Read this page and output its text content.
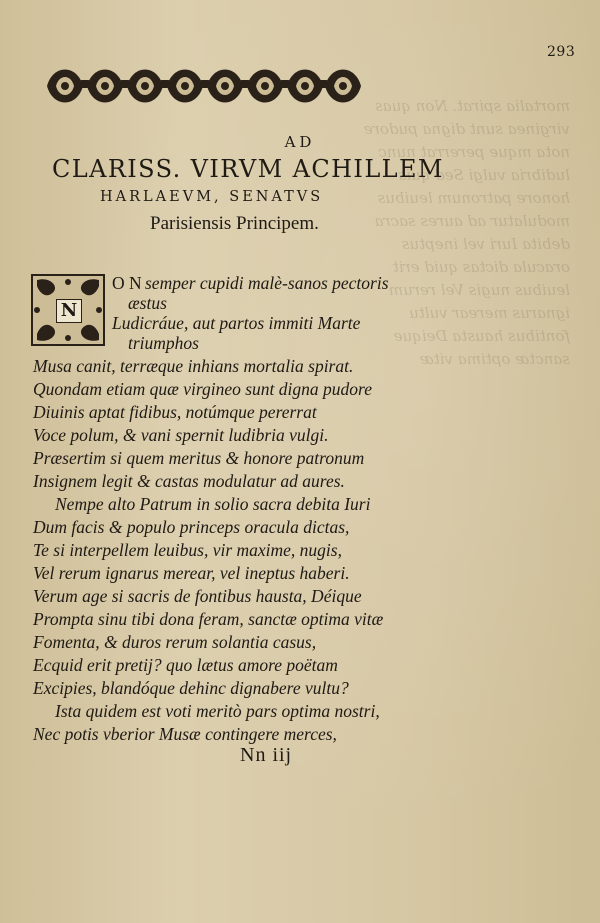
mortalia spirat. Non quas
virginea sunt digna pudore
nota mque pererrat nunc
ludibria vulgi Sed quis
honore patronum leuibus
modulatur ad aures sacra
debita Iuri vel ineptus
oracula dictas quid erit
leuibus nugis Vel rerum
ignarus merear vultu
fontibus hausta Deique
sanctæ optima vitæ
293
AD
CLARISS. VIRVM ACHILLEM
HARLAEVM, SENATVS
Parisiensis Principem.
N
O N semper cupidi malè-sanos pectoris
æstus
Ludicráue, aut partos immiti Marte
triumphos
Musa canit, terræque inhians mortalia spirat.
Quondam etiam quæ virgineo sunt digna pudore
Diuinis aptat fidibus, notúmque pererrat
Voce polum, & vani spernit ludibria vulgi.
Præsertim si quem meritus & honore patronum
Insignem legit & castas modulatur ad aures.
Nempe alto Patrum in solio sacra debita Iuri
Dum facis & populo princeps oracula dictas,
Te si interpellem leuibus, vir maxime, nugis,
Vel rerum ignarus merear, vel ineptus haberi.
Verum age si sacris de fontibus hausta, Déique
Prompta sinu tibi dona feram, sanctæ optima vitæ
Fomenta, & duros rerum solantia casus,
Ecquid erit pretij? quo lætus amore poëtam
Excipies, blandóque dehinc dignabere vultu?
Ista quidem est voti meritò pars optima nostri,
Nec potis vberior Musæ contingere merces,
Nn iij
